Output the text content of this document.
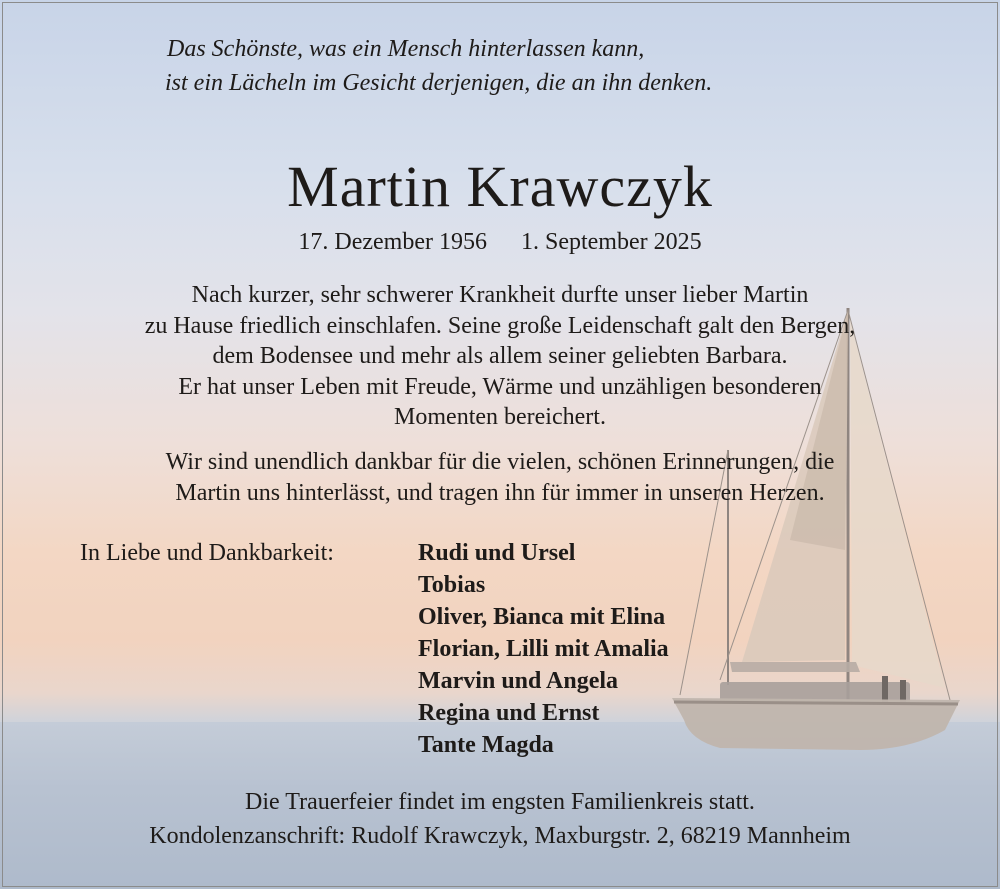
Das Schönste, was ein Mensch hinterlassen kann,
ist ein Lächeln im Gesicht derjenigen, die an ihn denken.
Martin Krawczyk
17. Dezember 1956 1. September 2025
Nach kurzer, sehr schwerer Krankheit durfte unser lieber Martin
zu Hause friedlich einschlafen. Seine große Leidenschaft galt den Bergen,
dem Bodensee und mehr als allem seiner geliebten Barbara.
Er hat unser Leben mit Freude, Wärme und unzähligen besonderen
Momenten bereichert.
Wir sind unendlich dankbar für die vielen, schönen Erinnerungen, die
Martin uns hinterlässt, und tragen ihn für immer in unseren Herzen.
In Liebe und Dankbarkeit:	Rudi und Ursel
Tobias
Oliver, Bianca mit Elina
Florian, Lilli mit Amalia
Marvin und Angela
Regina und Ernst
Tante Magda
Die Trauerfeier findet im engsten Familienkreis statt.
Kondolenzanschrift: Rudolf Krawczyk, Maxburgstr. 2, 68219 Mannheim
